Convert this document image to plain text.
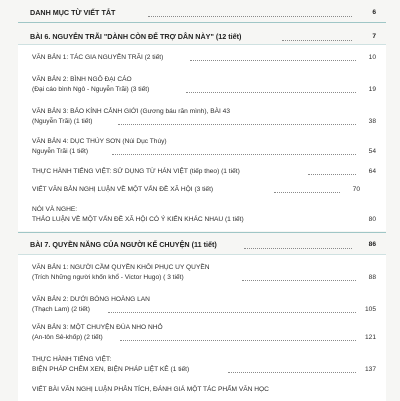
DANH MỤC TỪ VIẾT TẮT	6
BÀI 6. NGUYỄN TRÃI "DÀNH CÒN ĐỂ TRỢ DÂN NÀY" (12 tiết)	7
VĂN BẢN 1: TÁC GIA NGUYỄN TRÃI (2 tiết)	10
VĂN BẢN 2: BÌNH NGÔ ĐẠI CÁO
(Đại cáo bình Ngô - Nguyễn Trãi) (3 tiết)	19
VĂN BẢN 3: BẢO KÍNH CẢNH GIỚI (Gương báu răn mình), BÀI 43
(Nguyễn Trãi) (1 tiết)	38
VĂN BẢN 4: DỤC THÚY SƠN (Núi Dục Thúy)
Nguyễn Trãi (1 tiết)	54
THỰC HÀNH TIẾNG VIỆT: SỬ DỤNG TỪ HÁN VIỆT (tiếp theo) (1 tiết)	64
VIẾT VĂN BẢN NGHỊ LUẬN VỀ MỘT VẤN ĐỀ XÃ HỘI (3 tiết)	70
NÓI VÀ NGHE:
THẢO LUẬN VỀ MỘT VẤN ĐỀ XÃ HỘI CÓ Ý KIẾN KHÁC NHAU (1 tiết)	80
BÀI 7. QUYỀN NĂNG CỦA NGƯỜI KỂ CHUYỆN (11 tiết)	86
VĂN BẢN 1: NGƯỜI CẦM QUYỀN KHÔI PHỤC UY QUYỀN
(Trích Những người khốn khổ - Victor Hugo) ( 3 tiết)	88
VĂN BẢN 2: DƯỚI BÓNG HOÀNG LAN
(Thạch Lam) (2 tiết)	105
VĂN BẢN 3: MỘT CHUYỆN ĐÙA NHO NHỎ
(An-tôn Sê-khốp) (2 tiết)	121
THỰC HÀNH TIẾNG VIỆT:
BIỆN PHÁP CHÊM XEN, BIỆN PHÁP LIỆT KÊ (1 tiết)	137
VIẾT BÀI VĂN NGHỊ LUẬN PHÂN TÍCH, ĐÁNH GIÁ MỘT TÁC PHẨM VĂN HỌC
